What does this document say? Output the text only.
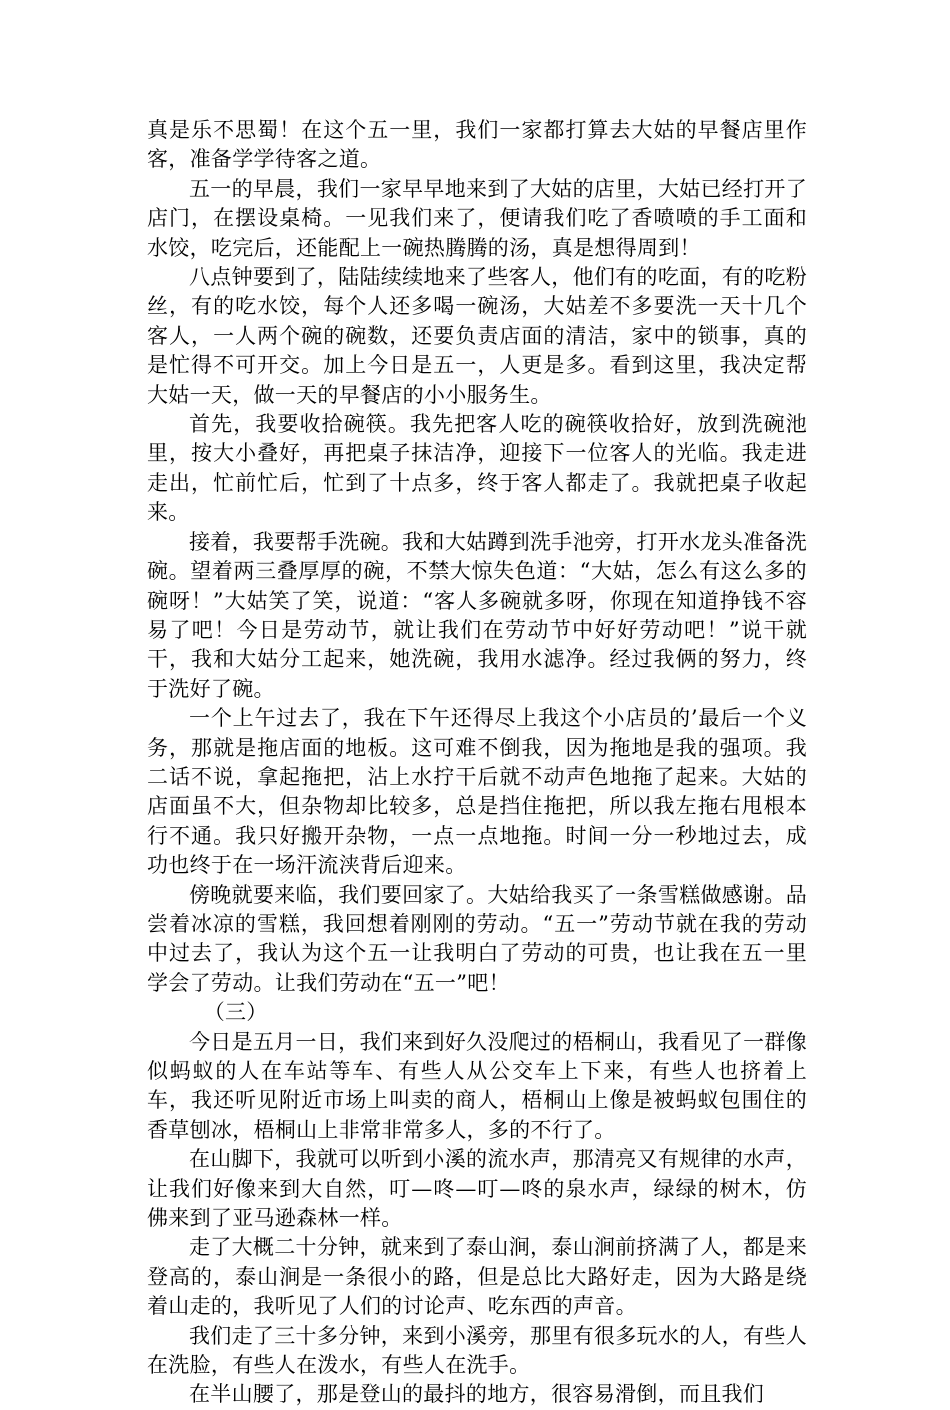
真是乐不思蜀！在这个五一里，我们一家都打算去大姑的早餐店里作客，准备学学待客之道。

五一的早晨，我们一家早早地来到了大姑的店里，大姑已经打开了店门，在摆设桌椅。一见我们来了，便请我们吃了香喷喷的手工面和水饺，吃完后，还能配上一碗热腾腾的汤，真是想得周到！

八点钟要到了，陆陆续续地来了些客人，他们有的吃面，有的吃粉丝，有的吃水饺，每个人还多喝一碗汤，大姑差不多要洗一天十几个客人，一人两个碗的碗数，还要负责店面的清洁，家中的锁事，真的是忙得不可开交。加上今日是五一，人更是多。看到这里，我决定帮大姑一天，做一天的早餐店的小小服务生。

首先，我要收拾碗筷。我先把客人吃的碗筷收拾好，放到洗碗池里，按大小叠好，再把桌子抹洁净，迎接下一位客人的光临。我走进走出，忙前忙后，忙到了十点多，终于客人都走了。我就把桌子收起来。

接着，我要帮手洗碗。我和大姑蹲到洗手池旁，打开水龙头准备洗碗。望着两三叠厚厚的碗，不禁大惊失色道：“大姑，怎么有这么多的碗呀！”大姑笑了笑，说道：“客人多碗就多呀，你现在知道挣钱不容易了吧！今日是劳动节，就让我们在劳动节中好好劳动吧！”说干就干，我和大姑分工起来，她洗碗，我用水滤净。经过我俩的努力，终于洗好了碗。

一个上午过去了，我在下午还得尽上我这个小店员的’最后一个义务，那就是拖店面的地板。这可难不倒我，因为拖地是我的强项。我二话不说，拿起拖把，沾上水拧干后就不动声色地拖了起来。大姑的店面虽不大，但杂物却比较多，总是挡住拖把，所以我左拖右甩根本行不通。我只好搬开杂物，一点一点地拖。时间一分一秒地过去，成功也终于在一场汗流浃背后迎来。

傍晚就要来临，我们要回家了。大姑给我买了一条雪糕做感谢。品尝着冰凉的雪糕，我回想着刚刚的劳动。“五一”劳动节就在我的劳动中过去了，我认为这个五一让我明白了劳动的可贵，也让我在五一里学会了劳动。让我们劳动在“五一”吧！

（三）

今日是五月一日，我们来到好久没爬过的梧桐山，我看见了一群像似蚂蚁的人在车站等车、有些人从公交车上下来，有些人也挤着上车，我还听见附近市场上叫卖的商人，梧桐山上像是被蚂蚁包围住的香草刨冰，梧桐山上非常非常多人，多的不行了。

在山脚下，我就可以听到小溪的流水声，那清亮又有规律的水声，让我们好像来到大自然，叮—咚—叮—咚的泉水声，绿绿的树木，仿佛来到了亚马逊森林一样。

走了大概二十分钟，就来到了泰山涧，泰山涧前挤满了人，都是来登高的，泰山涧是一条很小的路，但是总比大路好走，因为大路是绕着山走的，我听见了人们的讨论声、吃东西的声音。

我们走了三十多分钟，来到小溪旁，那里有很多玩水的人，有些人在洗脸，有些人在泼水，有些人在洗手。

在半山腰了，那是登山的最抖的地方，很容易滑倒，而且我们
